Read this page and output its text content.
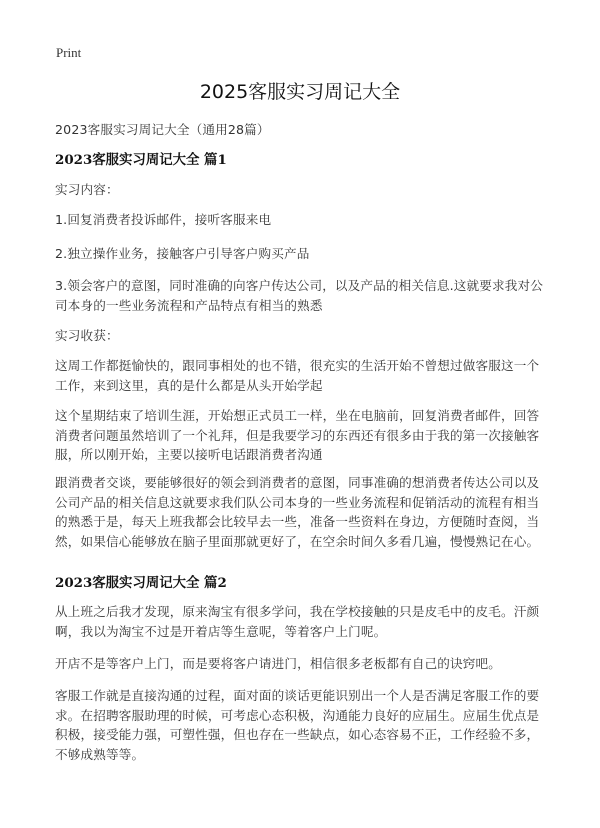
Print
2025客服实习周记大全

2023客服实习周记大全（通用28篇）

2023客服实习周记大全 篇1

实习内容：

1.回复消费者投诉邮件，接听客服来电

2.独立操作业务，接触客户引导客户购买产品

3.领会客户的意图，同时准确的向客户传达公司，以及产品的相关信息.这就要求我对公司本身的一些业务流程和产品特点有相当的熟悉

实习收获：

这周工作都挺愉快的，跟同事相处的也不错，很充实的生活开始不曾想过做客服这一个工作，来到这里，真的是什么都是从头开始学起

这个星期结束了培训生涯，开始想正式员工一样，坐在电脑前，回复消费者邮件，回答消费者问题虽然培训了一个礼拜，但是我要学习的东西还有很多由于我的第一次接触客服，所以刚开始，主要以接听电话跟消费者沟通

跟消费者交谈，要能够很好的领会到消费者的意图，同事准确的想消费者传达公司以及公司产品的相关信息这就要求我们队公司本身的一些业务流程和促销活动的流程有相当的熟悉于是，每天上班我都会比较早去一些，准备一些资料在身边，方便随时查阅，当然，如果信心能够放在脑子里面那就更好了，在空余时间久多看几遍，慢慢熟记在心。

2023客服实习周记大全 篇2

从上班之后我才发现，原来淘宝有很多学问，我在学校接触的只是皮毛中的皮毛。汗颜啊，我以为淘宝不过是开着店等生意呢，等着客户上门呢。

开店不是等客户上门，而是要将客户请进门，相信很多老板都有自己的诀窍吧。

客服工作就是直接沟通的过程，面对面的谈话更能识别出一个人是否满足客服工作的要求。在招聘客服助理的时候，可考虑心态积极，沟通能力良好的应届生。应届生优点是积极，接受能力强，可塑性强，但也存在一些缺点，如心态容易不正，工作经验不多，不够成熟等等。
